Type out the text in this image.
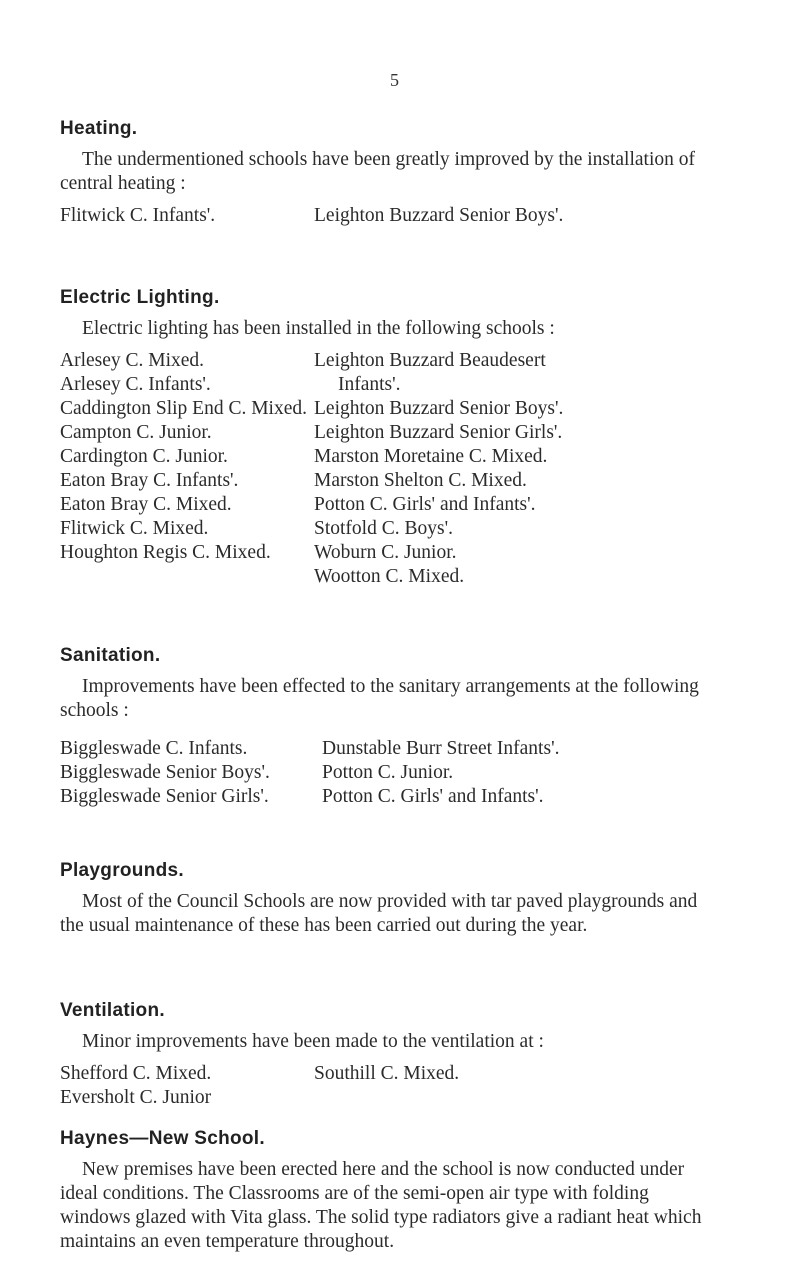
5
Heating.
The undermentioned schools have been greatly improved by the installation of central heating :
Flitwick C. Infants'.	Leighton Buzzard Senior Boys'.
Electric Lighting.
Electric lighting has been installed in the following schools :
Arlesey C. Mixed.
Arlesey C. Infants'.
Caddington Slip End C. Mixed.
Campton C. Junior.
Cardington C. Junior.
Eaton Bray C. Infants'.
Eaton Bray C. Mixed.
Flitwick C. Mixed.
Houghton Regis C. Mixed.
Leighton Buzzard Beaudesert
Infants'.
Leighton Buzzard Senior Boys'.
Leighton Buzzard Senior Girls'.
Marston Moretaine C. Mixed.
Marston Shelton C. Mixed.
Potton C. Girls' and Infants'.
Stotfold C. Boys'.
Woburn C. Junior.
Wootton C. Mixed.
Sanitation.
Improvements have been effected to the sanitary arrangements at the following schools :
Biggleswade C. Infants.
Biggleswade Senior Boys'.
Biggleswade Senior Girls'.
Dunstable Burr Street Infants'.
Potton C. Junior.
Potton C. Girls' and Infants'.
Playgrounds.
Most of the Council Schools are now provided with tar paved playgrounds and the usual maintenance of these has been carried out during the year.
Ventilation.
Minor improvements have been made to the ventilation at :
Shefford C. Mixed.
Eversholt C. Junior
Southill C. Mixed.
Haynes—New School.
New premises have been erected here and the school is now conducted under ideal conditions. The Classrooms are of the semi-open air type with folding windows glazed with Vita glass. The solid type radiators give a radiant heat which maintains an even temperature throughout.
